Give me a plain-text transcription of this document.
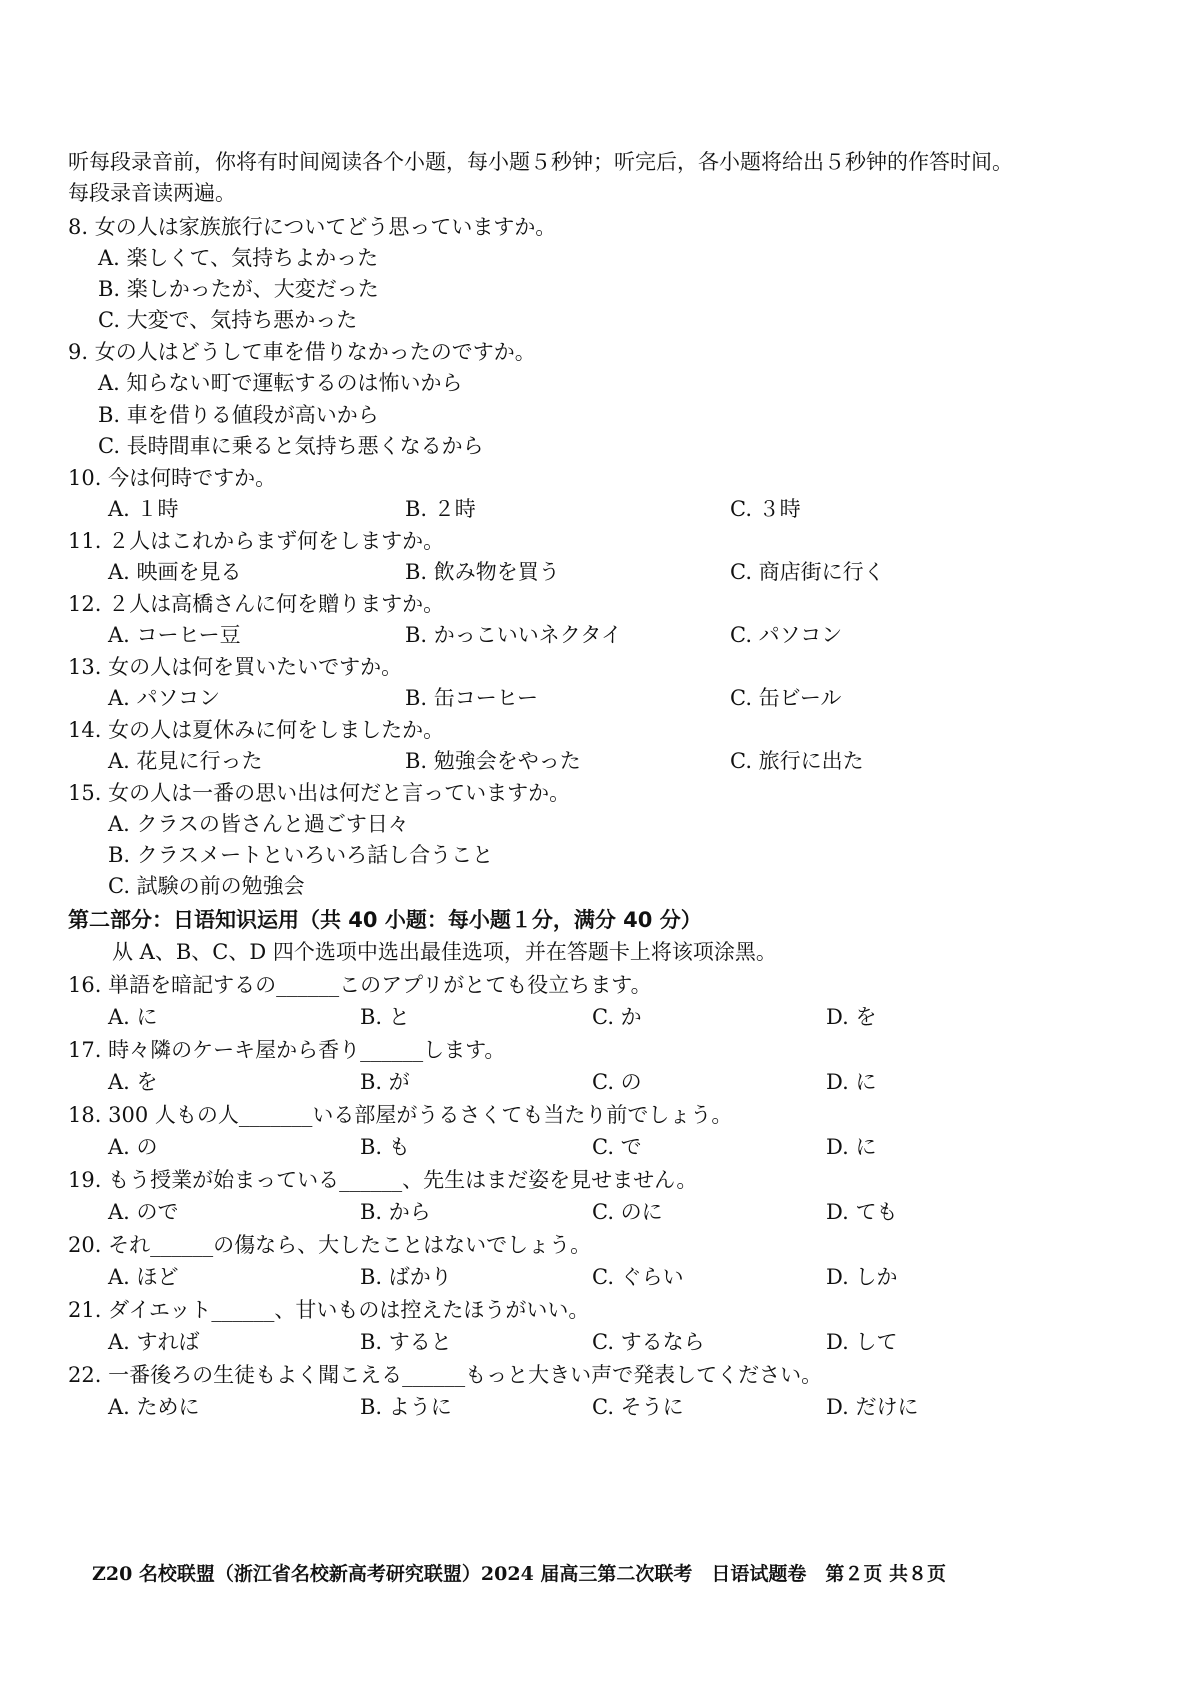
听每段录音前，你将有时间阅读各个小题，每小题５秒钟；听完后，各小题将给出５秒钟的作答时间。
每段录音读两遍。
8. 女の人は家族旅行についてどう思っていますか。
A. 楽しくて、気持ちよかった
B. 楽しかったが、大変だった
C. 大変で、気持ち悪かった
9. 女の人はどうして車を借りなかったのですか。
A. 知らない町で運転するのは怖いから
B. 車を借りる値段が高いから
C. 長時間車に乗ると気持ち悪くなるから
10. 今は何時ですか。
A. １時	B. ２時	C. ３時
11. ２人はこれからまず何をしますか。
A. 映画を見る	B. 飲み物を買う	C. 商店街に行く
12. ２人は高橋さんに何を贈りますか。
A. コーヒー豆	B. かっこいいネクタイ	C. パソコン
13. 女の人は何を買いたいですか。
A. パソコン	B. 缶コーヒー	C. 缶ビール
14. 女の人は夏休みに何をしましたか。
A. 花見に行った	B. 勉強会をやった	C. 旅行に出た
15. 女の人は一番の思い出は何だと言っていますか。
A. クラスの皆さんと過ごす日々
B. クラスメートといろいろ話し合うこと
C. 試験の前の勉強会
第二部分：日语知识运用（共 40 小题：每小题１分，满分 40 分）
从 A、B、C、D 四个选项中选出最佳选项，并在答题卡上将该项涂黑。
16. 単語を暗記するの______このアプリがとても役立ちます。
A. に	B. と	C. か	D. を
17. 時々隣のケーキ屋から香り______します。
A. を	B. が	C. の	D. に
18. 300 人もの人_______いる部屋がうるさくても当たり前でしょう。
A. の	B. も	C. で	D. に
19. もう授業が始まっている______、先生はまだ姿を見せません。
A. ので	B. から	C. のに	D. ても
20. それ______の傷なら、大したことはないでしょう。
A. ほど	B. ばかり	C. ぐらい	D. しか
21. ダイエット______、甘いものは控えたほうがいい。
A. すれば	B. すると	C. するなら	D. して
22. 一番後ろの生徒もよく聞こえる______もっと大きい声で発表してください。
A. ために	B. ように	C. そうに	D. だけに
Z20 名校联盟（浙江省名校新高考研究联盟）2024 届高三第二次联考　日语试题卷　第２页 共８页
